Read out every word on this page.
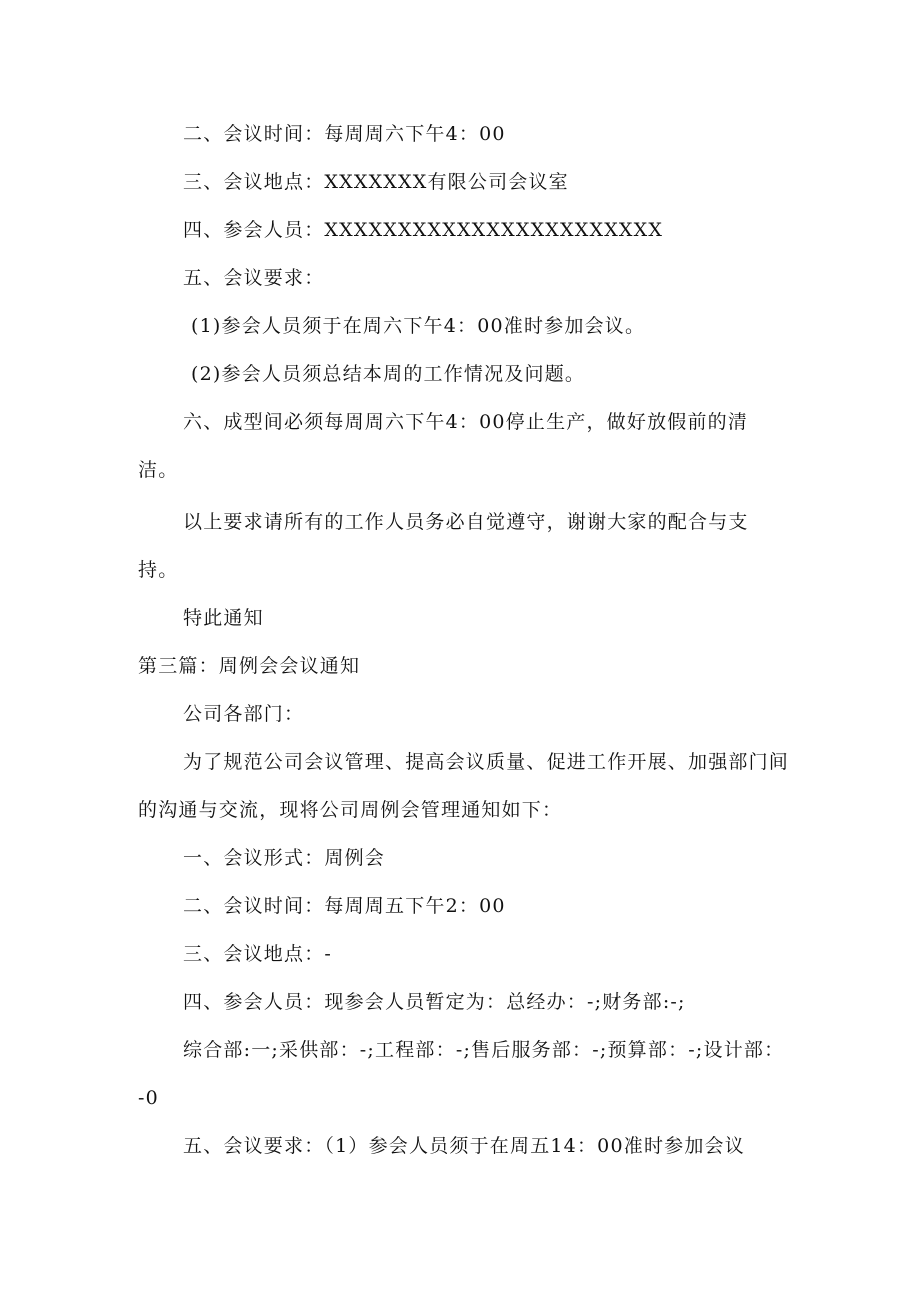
二、会议时间：每周周六下午4：00
三、会议地点：XXXXXXX有限公司会议室
四、参会人员：XXXXXXXXXXXXXXXXXXXXXXX
五、会议要求：
(1)参会人员须于在周六下午4：00准时参加会议。
(2)参会人员须总结本周的工作情况及问题。
六、成型间必须每周周六下午4：00停止生产，做好放假前的清
洁。
以上要求请所有的工作人员务必自觉遵守，谢谢大家的配合与支
持。
特此通知
第三篇：周例会会议通知
公司各部门：
为了规范公司会议管理、提高会议质量、促进工作开展、加强部门间
的沟通与交流，现将公司周例会管理通知如下：
一、会议形式：周例会
二、会议时间：每周周五下午2：00
三、会议地点：-
四、参会人员：现参会人员暂定为：总经办：-;财务部:-;
综合部:一;采供部：-;工程部：-;售后服务部：-;预算部：-;设计部：
-0
五、会议要求：（1）参会人员须于在周五14：00准时参加会议
